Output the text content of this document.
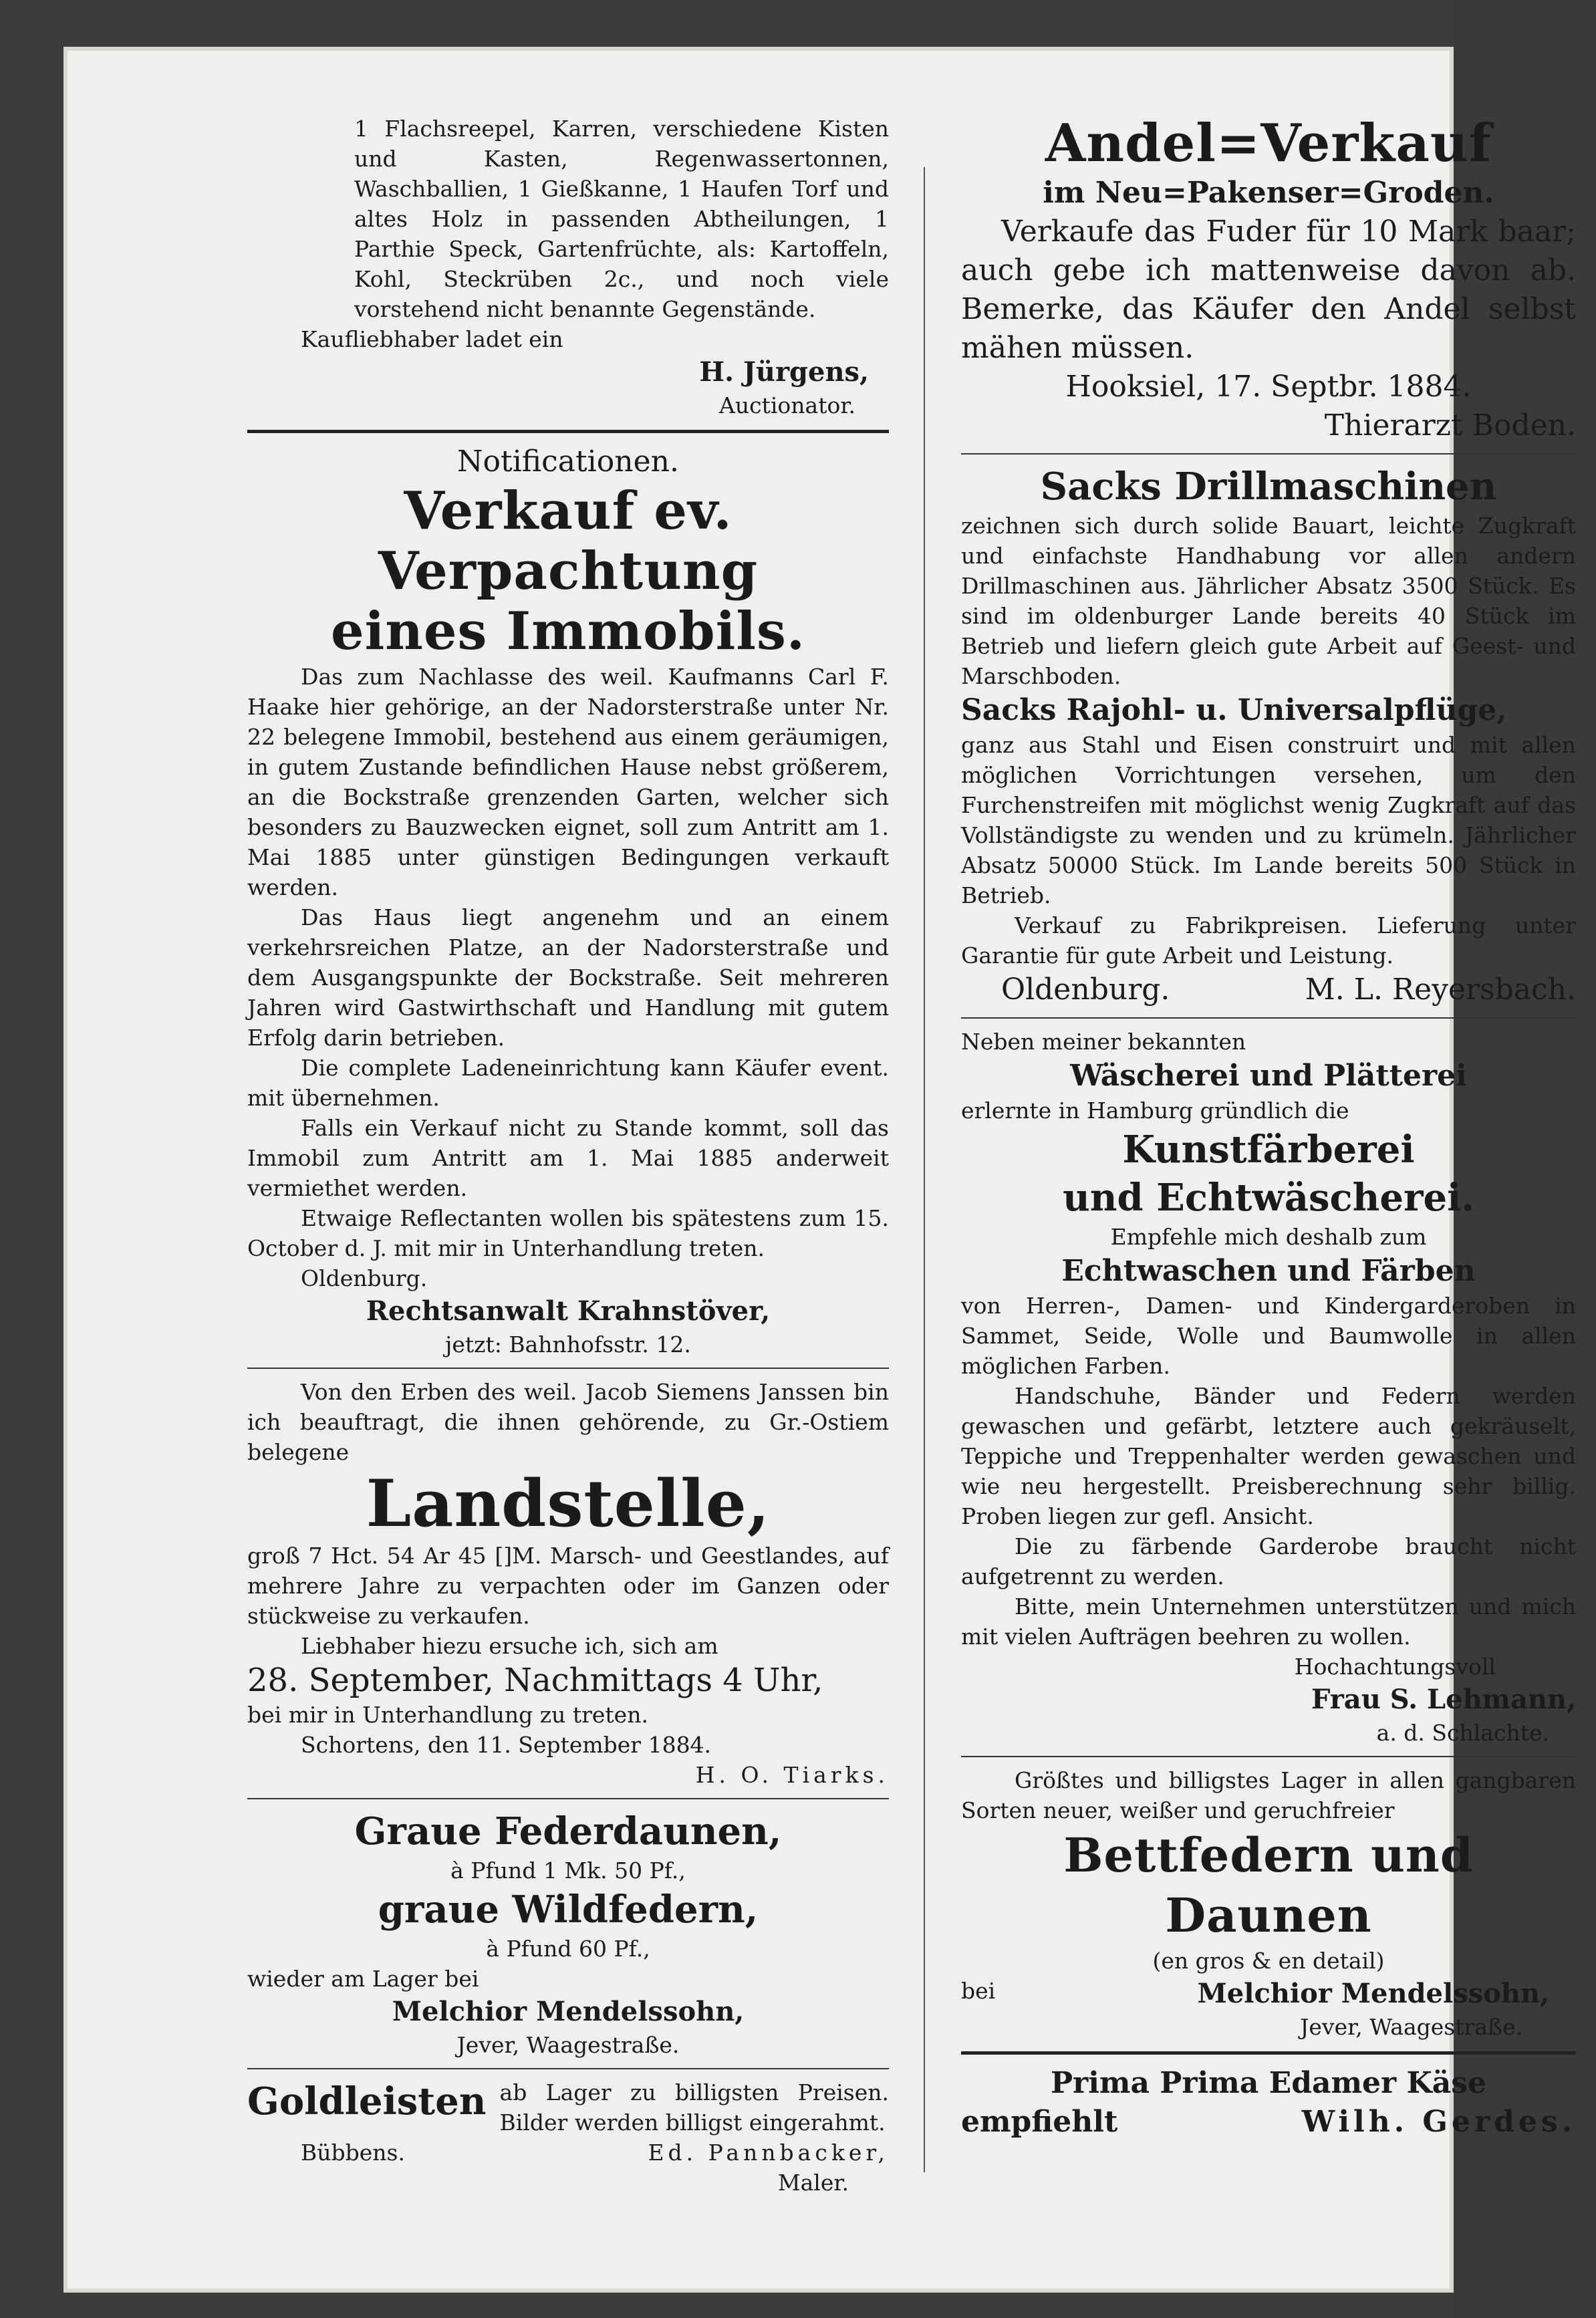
1 Flachsreepel, Karren, verschiedene Kisten und Kasten, Regenwassertonnen, Waschballien, 1 Gießkanne, 1 Haufen Torf und altes Holz in passenden Abtheilungen, 1 Parthie Speck, Gartenfrüchte, als: Kartoffeln, Kohl, Steckrüben 2c., und noch viele vorstehend nicht benannte Gegenstände.

Kaufliebhaber ladet ein

H. Jürgens,

Auctionator.

Notificationen.

Verkauf ev. Verpachtung

eines Immobils.

Das zum Nachlasse des weil. Kaufmanns Carl F. Haake hier gehörige, an der Nadorsterstraße unter Nr. 22 belegene Immobil, bestehend aus einem geräumigen, in gutem Zustande befindlichen Hause nebst größerem, an die Bockstraße grenzenden Garten, welcher sich besonders zu Bauzwecken eignet, soll zum Antritt am 1. Mai 1885 unter günstigen Bedingungen verkauft werden.

Das Haus liegt angenehm und an einem verkehrsreichen Platze, an der Nadorsterstraße und dem Ausgangspunkte der Bockstraße. Seit mehreren Jahren wird Gastwirthschaft und Handlung mit gutem Erfolg darin betrieben.

Die complete Ladeneinrichtung kann Käufer event. mit übernehmen.

Falls ein Verkauf nicht zu Stande kommt, soll das Immobil zum Antritt am 1. Mai 1885 anderweit vermiethet werden.

Etwaige Reflectanten wollen bis spätestens zum 15. October d. J. mit mir in Unterhandlung treten.

Oldenburg.

Rechtsanwalt Krahnstöver,

jetzt: Bahnhofsstr. 12.

Von den Erben des weil. Jacob Siemens Janssen bin ich beauftragt, die ihnen gehörende, zu Gr.-Ostiem belegene

Landstelle,

groß 7 Hct. 54 Ar 45 []M. Marsch- und Geestlandes, auf mehrere Jahre zu verpachten oder im Ganzen oder stückweise zu verkaufen.

Liebhaber hiezu ersuche ich, sich am

28. September, Nachmittags 4 Uhr,

bei mir in Unterhandlung zu treten.

Schortens, den 11. September 1884.

H. O. Tiarks.

Graue Federdaunen,

à Pfund 1 Mk. 50 Pf.,

graue Wildfedern,

à Pfund 60 Pf.,

wieder am Lager bei

Melchior Mendelssohn,

Jever, Waagestraße.

Goldleisten ab Lager zu billigsten Preisen. Bilder werden billigst eingerahmt.

Bübbens.	Ed. Pannbacker,

Maler.

Andel=Verkauf

im Neu=Pakenser=Groden.

Verkaufe das Fuder für 10 Mark baar; auch gebe ich mattenweise davon ab. Bemerke, das Käufer den Andel selbst mähen müssen.

Hooksiel, 17. Septbr. 1884.

Thierarzt Boden.

Sacks Drillmaschinen

zeichnen sich durch solide Bauart, leichte Zugkraft und einfachste Handhabung vor allen andern Drillmaschinen aus. Jährlicher Absatz 3500 Stück. Es sind im oldenburger Lande bereits 40 Stück im Betrieb und liefern gleich gute Arbeit auf Geest- und Marschboden.

Sacks Rajohl- u. Universalpflüge,

ganz aus Stahl und Eisen construirt und mit allen möglichen Vorrichtungen versehen, um den Furchenstreifen mit möglichst wenig Zugkraft auf das Vollständigste zu wenden und zu krümeln. Jährlicher Absatz 50000 Stück. Im Lande bereits 500 Stück in Betrieb.

Verkauf zu Fabrikpreisen. Lieferung unter Garantie für gute Arbeit und Leistung.

Oldenburg.	M. L. Reyersbach.

Neben meiner bekannten

Wäscherei und Plätterei

erlernte in Hamburg gründlich die

Kunstfärberei

und Echtwäscherei.

Empfehle mich deshalb zum

Echtwaschen und Färben

von Herren-, Damen- und Kindergarderoben in Sammet, Seide, Wolle und Baumwolle in allen möglichen Farben.

Handschuhe, Bänder und Federn werden gewaschen und gefärbt, letztere auch gekräuselt, Teppiche und Treppenhalter werden gewaschen und wie neu hergestellt. Preisberechnung sehr billig. Proben liegen zur gefl. Ansicht.

Die zu färbende Garderobe braucht nicht aufgetrennt zu werden.

Bitte, mein Unternehmen unterstützen und mich mit vielen Aufträgen beehren zu wollen.

Hochachtungsvoll

Frau S. Lehmann,

a. d. Schlachte.

Größtes und billigstes Lager in allen gangbaren Sorten neuer, weißer und geruchfreier

Bettfedern und Daunen

(en gros & en detail)

bei	Melchior Mendelssohn,

Jever, Waagestraße.

Prima Prima Edamer Käse

empfiehlt	Wilh. Gerdes.
